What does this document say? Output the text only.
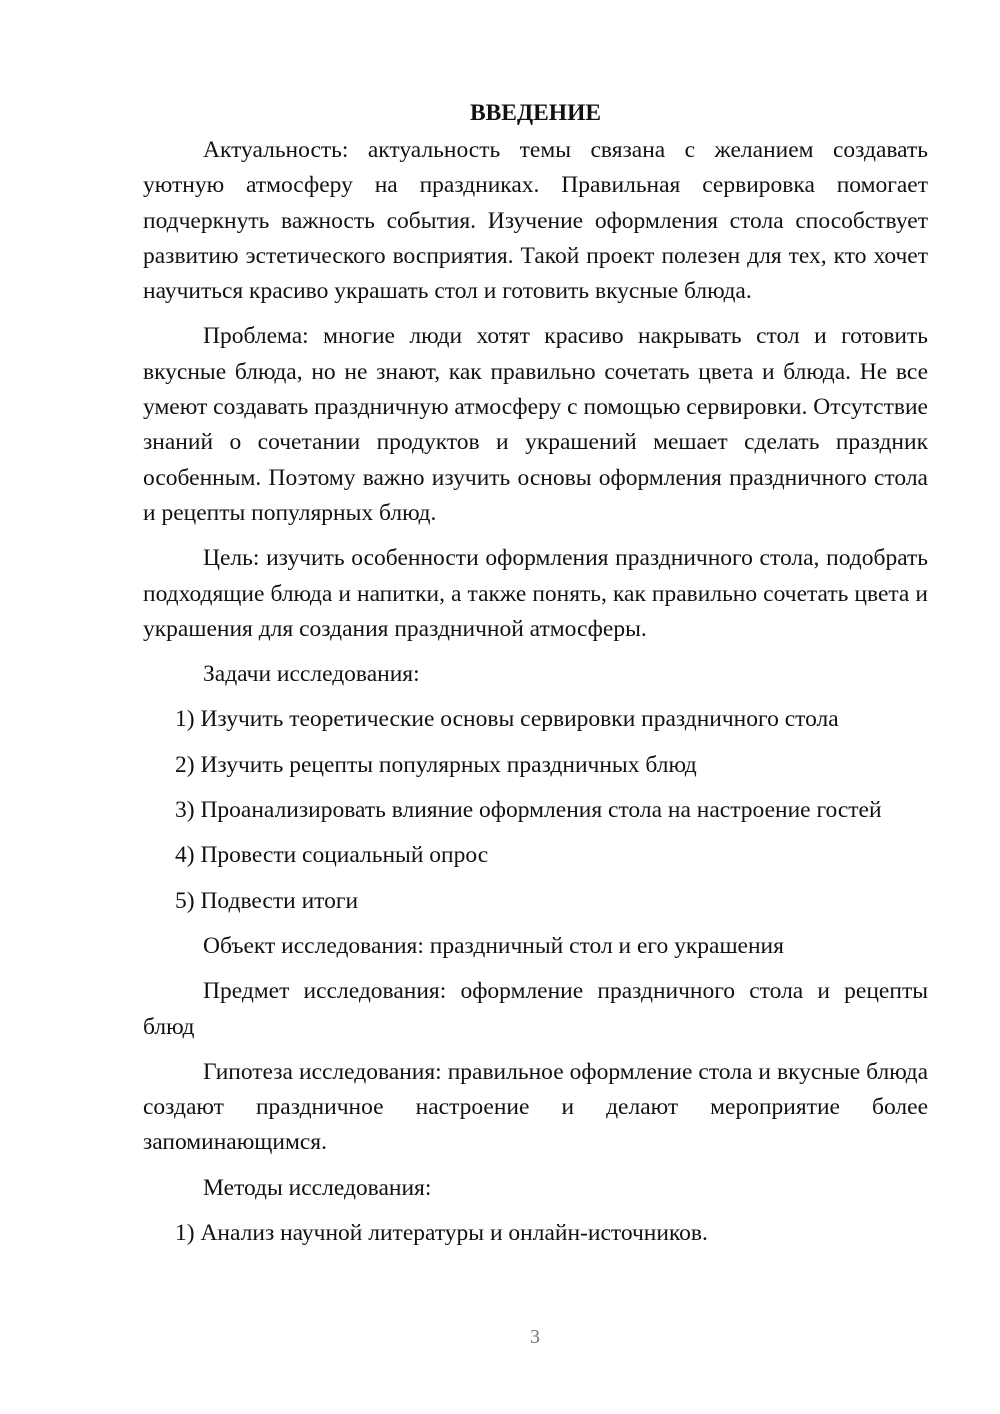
ВВЕДЕНИЕ

Актуальность: актуальность темы связана с желанием создавать уютную атмосферу на праздниках. Правильная сервировка помогает подчеркнуть важность события. Изучение оформления стола способствует развитию эстетического восприятия. Такой проект полезен для тех, кто хочет научиться красиво украшать стол и готовить вкусные блюда.

Проблема: многие люди хотят красиво накрывать стол и готовить вкусные блюда, но не знают, как правильно сочетать цвета и блюда. Не все умеют создавать праздничную атмосферу с помощью сервировки. Отсутствие знаний о сочетании продуктов и украшений мешает сделать праздник особенным. Поэтому важно изучить основы оформления праздничного стола и рецепты популярных блюд.

Цель: изучить особенности оформления праздничного стола, подобрать подходящие блюда и напитки, а также понять, как правильно сочетать цвета и украшения для создания праздничной атмосферы.

Задачи исследования:

1) Изучить теоретические основы сервировки праздничного стола
2) Изучить рецепты популярных праздничных блюд
3) Проанализировать влияние оформления стола на настроение гостей
4) Провести социальный опрос
5) Подвести итоги

Объект исследования: праздничный стол и его украшения

Предмет исследования: оформление праздничного стола и рецепты блюд

Гипотеза исследования: правильное оформление стола и вкусные блюда создают праздничное настроение и делают мероприятие более запоминающимся.

Методы исследования:

1) Анализ научной литературы и онлайн-источников.
3
